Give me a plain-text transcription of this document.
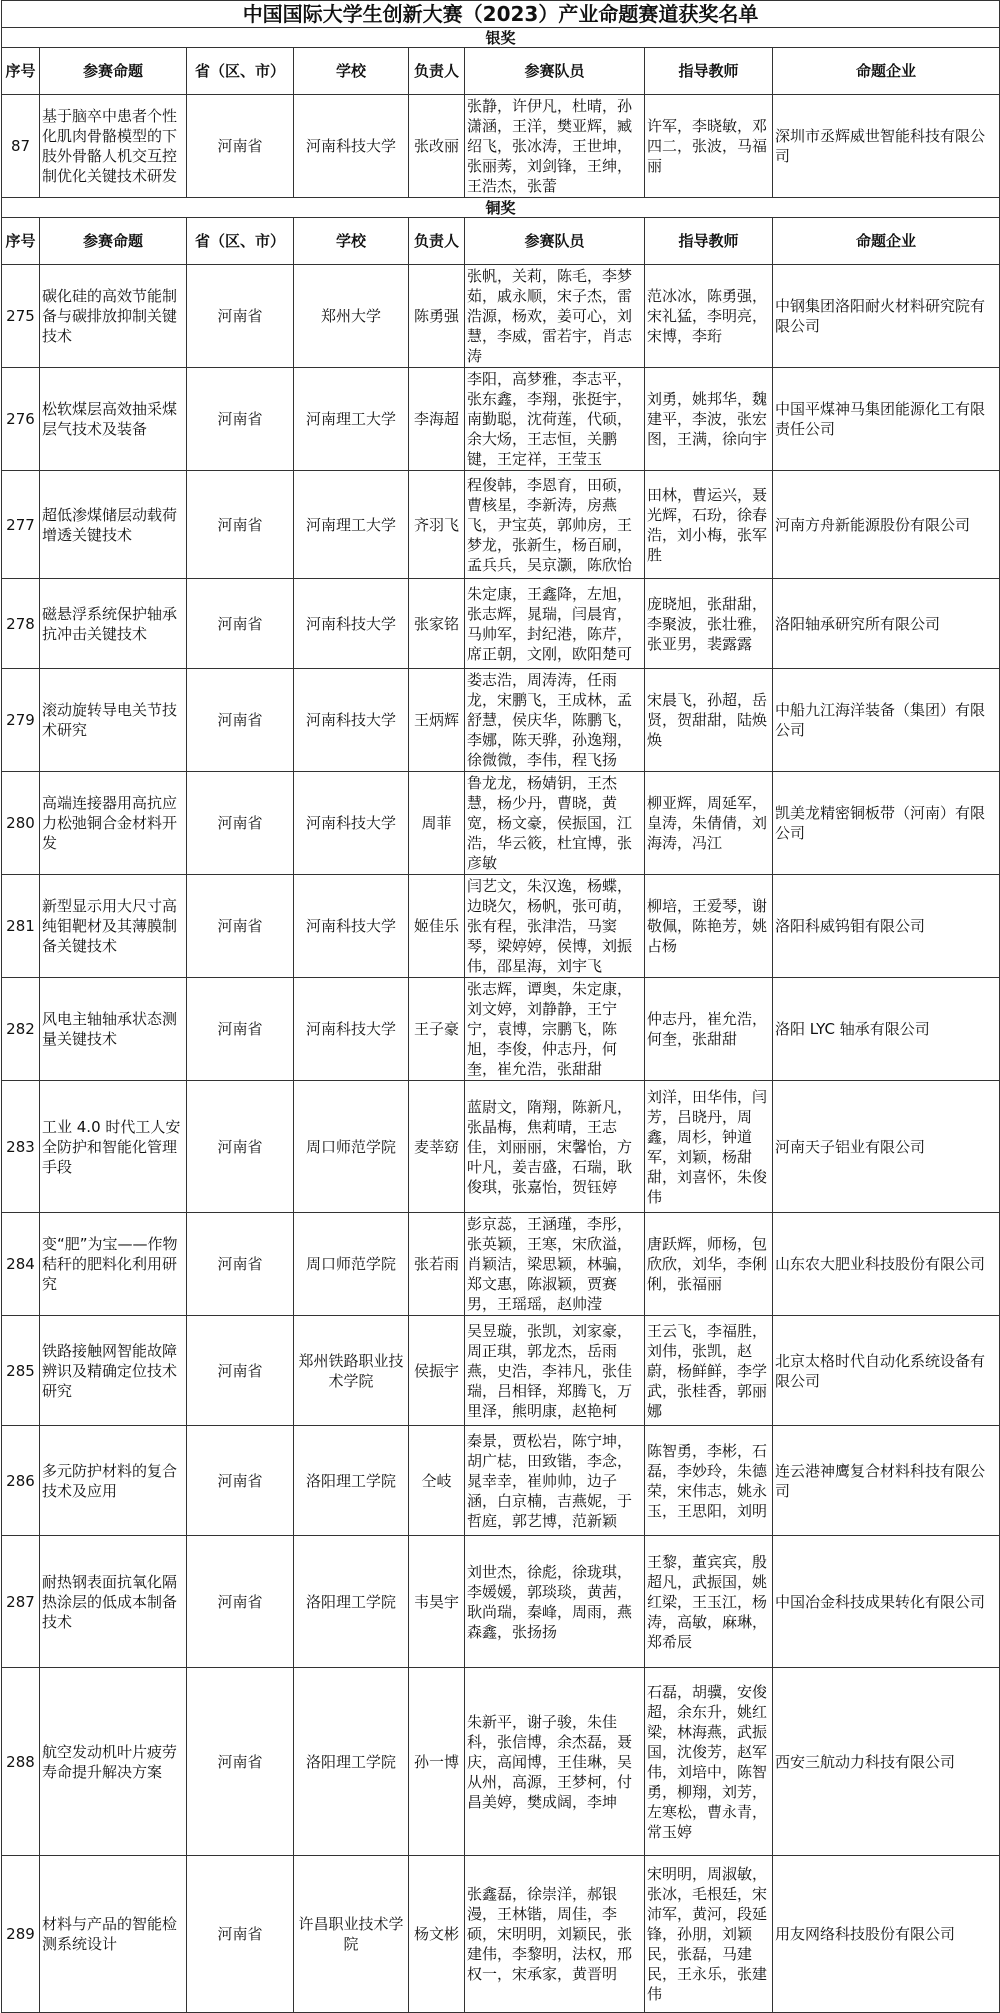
中国国际大学生创新大赛（2023）产业命题赛道获奖名单							
银奖							
序号	参赛命题	省（区、市）	学校	负责人	参赛队员	指导教师	命题企业
87	基于脑卒中患者个性化肌肉骨骼模型的下肢外骨骼人机交互控制优化关键技术研发	河南省	河南科技大学	张改丽	张静，许伊凡，杜晴，孙潇涵，王洋，樊亚辉，臧绍飞，张冰涛，王世坤，张丽莠，刘剑锋，王绅，王浩杰，张蕾	许军，李晓敏，邓四二，张波，马福丽	深圳市丞辉威世智能科技有限公司
铜奖							
序号	参赛命题	省（区、市）	学校	负责人	参赛队员	指导教师	命题企业
275	碳化硅的高效节能制备与碳排放抑制关键技术	河南省	郑州大学	陈勇强	张帆，关莉，陈毛，李梦茹，戚永顺，宋子杰，雷浩源，杨欢，姜可心，刘慧，李威，雷若宇，肖志涛	范冰冰，陈勇强，宋礼猛，李明亮，宋博，李珩	中钢集团洛阳耐火材料研究院有限公司
276	松软煤层高效抽采煤层气技术及装备	河南省	河南理工大学	李海超	李阳，高梦雅，李志平，张东鑫，李翔，张挺宇，南勤聪，沈荷莲，代硕，余大炀，王志恒，关鹏键，王定祥，王莹玉	刘勇，姚邦华，魏建平，李波，张宏图，王满，徐向宇	中国平煤神马集团能源化工有限责任公司
277	超低渗煤储层动载荷增透关键技术	河南省	河南理工大学	齐羽飞	程俊韩，李恩育，田硕，曹核星，李新涛，房燕飞，尹宝英，郭帅房，王梦龙，张新生，杨百刷，孟兵兵，吴京灏，陈欣怡	田林，曹运兴，聂光辉，石玢，徐春浩，刘小梅，张军胜	河南方舟新能源股份有限公司
278	磁悬浮系统保护轴承抗冲击关键技术	河南省	河南科技大学	张家铭	朱定康，王鑫降，左旭，张志辉，晁瑞，闫晨宵，马帅军，封纪港，陈芹，席正朝，文刚，欧阳楚可	庞晓旭，张甜甜，李聚波，张壮雅，张亚男，裴露露	洛阳轴承研究所有限公司
279	滚动旋转导电关节技术研究	河南省	河南科技大学	王炳辉	娄志浩，周涛涛，任雨龙，宋鹏飞，王成林，孟舒慧，侯庆华，陈鹏飞，李娜，陈天骅，孙逸翔，徐微微，李伟，程飞扬	宋晨飞，孙超，岳贤，贺甜甜，陆焕焕	中船九江海洋装备（集团）有限公司
280	高端连接器用高抗应力松弛铜合金材料开发	河南省	河南科技大学	周菲	鲁龙龙，杨婧钥，王杰慧，杨少丹，曹晓，黄宽，杨文豪，侯振国，江浩，华云筱，杜宜博，张彦敏	柳亚辉，周延军，皇涛，朱倩倩，刘海涛，冯江	凯美龙精密铜板带（河南）有限公司
281	新型显示用大尺寸高纯钼靶材及其薄膜制备关键技术	河南省	河南科技大学	姬佳乐	闫艺文，朱汉逸，杨蝶，边晓欠，杨帆，张可萌，张有程，张津浩，马窦琴，梁婷婷，侯博，刘振伟，邵星海，刘宇飞	柳培，王爱琴，谢敬佩，陈艳芳，姚占杨	洛阳科威钨钼有限公司
282	风电主轴轴承状态测量关键技术	河南省	河南科技大学	王子豪	张志辉，谭奥，朱定康，刘文婷，刘静静，王宁宁，袁博，宗鹏飞，陈旭，李俊，仲志丹，何奎，崔允浩，张甜甜	仲志丹，崔允浩，何奎，张甜甜	洛阳 LYC 轴承有限公司
283	工业 4.0 时代工人安全防护和智能化管理手段	河南省	周口师范学院	麦莘窈	蓝尉文，隋翔，陈新凡，张晶梅，焦莉晴，王志佳，刘丽丽，宋馨怡，方叶凡，姜吉盛，石瑞，耿俊琪，张嘉怡，贺钰婷	刘洋，田华伟，闫芳，吕晓丹，周鑫，周杉，钟道军，刘颖，杨甜甜，刘喜怀，朱俊伟	河南天子铝业有限公司
284	变“肥”为宝——作物秸秆的肥料化利用研究	河南省	周口师范学院	张若雨	彭京蕊，王涵瑾，李彤，张英颖，王寒，宋欣溢，肖颖洁，梁思颖，林骗，郑文惠，陈淑颖，贾赛男，王瑶瑶，赵帅滢	唐跃辉，师杨，包欣欣，刘华，李俐俐，张福丽	山东农大肥业科技股份有限公司
285	铁路接触网智能故障辨识及精确定位技术研究	河南省	郑州铁路职业技术学院	侯振宇	吴昱璇，张凯，刘家豪，周正琪，郭龙杰，岳雨燕，史浩，李祎凡，张佳瑞，吕相铎，郑腾飞，万里泽，熊明康，赵艳柯	王云飞，李福胜，刘伟，张凯，赵蔚，杨鲜鲜，李学武，张桂香，郭丽娜	北京太格时代自动化系统设备有限公司
286	多元防护材料的复合技术及应用	河南省	洛阳理工学院	仝岐	秦景，贾松岩，陈宁坤，胡广梽，田致锴，李念，晁幸幸，崔帅帅，边子涵，白京楠，吉燕妮，于哲庭，郭艺博，范新颖	陈智勇，李彬，石磊，李妙玲，朱德荣，宋伟志，姚永玉，王思阳，刘明	连云港神鹰复合材料科技有限公司
287	耐热钢表面抗氧化隔热涂层的低成本制备技术	河南省	洛阳理工学院	韦昊宇	刘世杰，徐彪，徐珑琪，李媛媛，郭琰琰，黄茜，耿尚瑞，秦峰，周雨，燕森鑫，张扬扬	王黎，董宾宾，殷超凡，武振国，姚红梁，王玉江，杨涛，高敏，麻琳，郑希辰	中国冶金科技成果转化有限公司
288	航空发动机叶片疲劳寿命提升解决方案	河南省	洛阳理工学院	孙一博	朱新平，谢子骏，朱佳科，张信博，余杰磊，聂庆，高闻博，王佳琳，吴从州，高源，王梦柯，付昌美婷，樊成阔，李坤	石磊，胡骥，安俊超，余东升，姚红梁，林海燕，武振国，沈俊芳，赵军伟，刘培中，陈智勇，柳翔，刘芳，左寒松，曹永青，常玉婷	西安三航动力科技有限公司
289	材料与产品的智能检测系统设计	河南省	许昌职业技术学院	杨文彬	张鑫磊，徐崇洋，郝银漫，王林锴，周佳，李硕，宋明明，刘颖民，张建伟，李黎明，法权，邢权一，宋承家，黄晋明	宋明明，周淑敏，张冰，毛根廷，宋沛军，黄河，段延锋，孙朋，刘颖民，张磊，马建民，王永乐，张建伟	用友网络科技股份有限公司
